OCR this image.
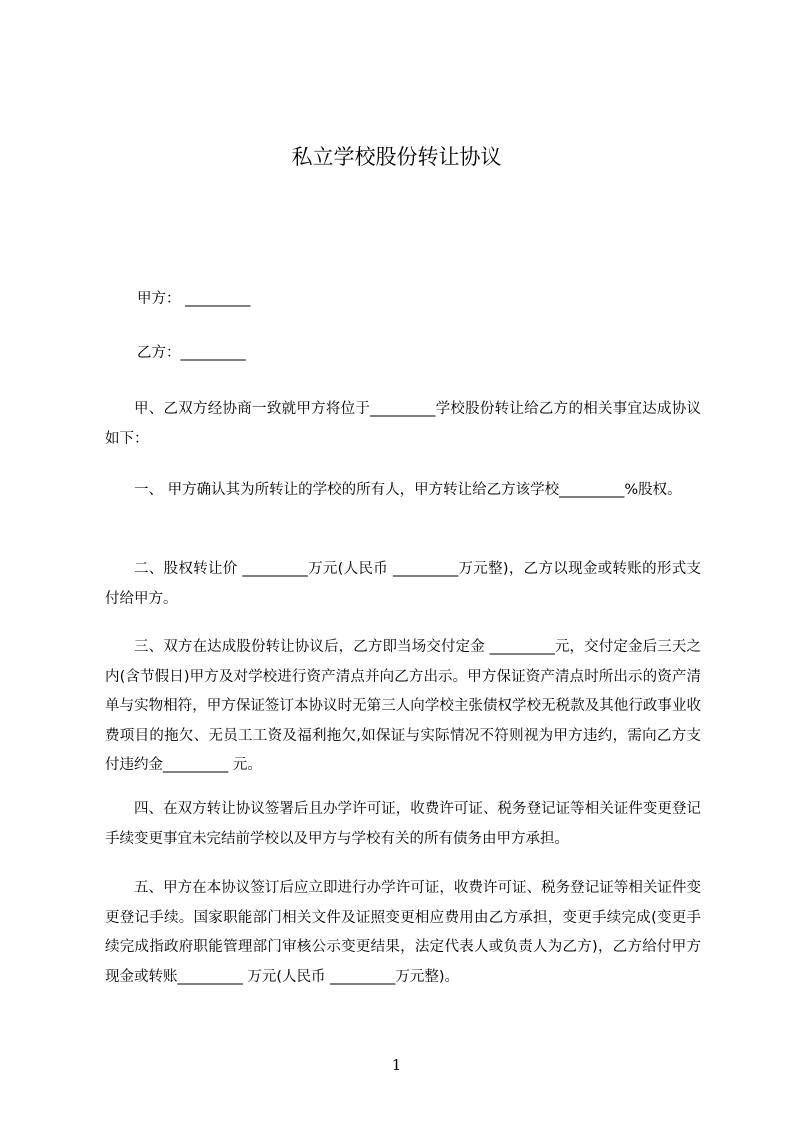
私立学校股份转让协议
甲方： _________
乙方：_________
甲、乙双方经协商一致就甲方将位于_________学校股份转让给乙方的相关事宜达成协议如下：
一、 甲方确认其为所转让的学校的所有人，甲方转让给乙方该学校_________%股权。
二、股权转让价 _________万元(人民币 _________万元整)，乙方以现金或转账的形式支付给甲方。
三、双方在达成股份转让协议后，乙方即当场交付定金 _________元，交付定金后三天之内(含节假日)甲方及对学校进行资产清点并向乙方出示。甲方保证资产清点时所出示的资产清单与实物相符，甲方保证签订本协议时无第三人向学校主张债权学校无税款及其他行政事业收费项目的拖欠、无员工工资及福利拖欠,如保证与实际情况不符则视为甲方违约，需向乙方支付违约金_________ 元。
四、在双方转让协议签署后且办学许可证，收费许可证、税务登记证等相关证件变更登记手续变更事宜未完结前学校以及甲方与学校有关的所有债务由甲方承担。
五、甲方在本协议签订后应立即进行办学许可证，收费许可证、税务登记证等相关证件变更登记手续。国家职能部门相关文件及证照变更相应费用由乙方承担，变更手续完成(变更手续完成指政府职能管理部门审核公示变更结果，法定代表人或负责人为乙方)，乙方给付甲方现金或转账_________ 万元(人民币 _________万元整)。
1
